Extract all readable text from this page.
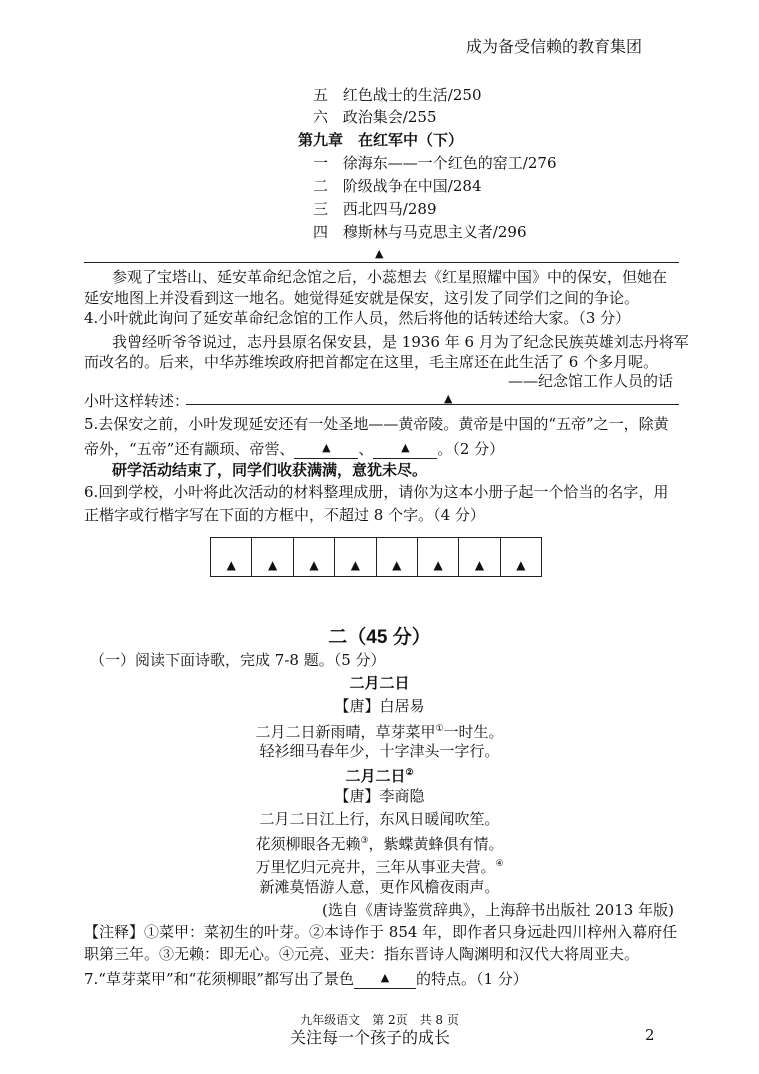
成为备受信赖的教育集团
五 红色战士的生活/250
六 政治集会/255
第九章　在红军中（下）
一 徐海东——一个红色的窑工/276
二 阶级战争在中国/284
三 西北四马/289
四 穆斯林与马克思主义者/296
▲
参观了宝塔山、延安革命纪念馆之后，小蕊想去《红星照耀中国》中的保安，但她在
延安地图上并没看到这一地名。她觉得延安就是保安，这引发了同学们之间的争论。
4.小叶就此询问了延安革命纪念馆的工作人员，然后将他的话转述给大家。（3 分）
我曾经听爷爷说过，志丹县原名保安县，是 1936 年 6 月为了纪念民族英雄刘志丹将军
而改名的。后来，中华苏维埃政府把首都定在这里，毛主席还在此生活了 6 个多月呢。
——纪念馆工作人员的话
小叶这样转述：	▲
5.去保安之前，小叶发现延安还有一处圣地——黄帝陵。黄帝是中国的“五帝”之一，除黄
帝外，“五帝”还有颛顼、帝喾、	▲ 、	▲ 。（2 分）
研学活动结束了，同学们收获满满，意犹未尽。
6.回到学校，小叶将此次活动的材料整理成册，请你为这本小册子起一个恰当的名字，用
正楷字或行楷字写在下面的方框中，不超过 8 个字。（4 分）
▲	▲	▲	▲	▲	▲	▲	▲
二（45 分）
（一）阅读下面诗歌，完成 7-8 题。（5 分）
二月二日
【唐】白居易
二月二日新雨晴，草芽菜甲①一时生。
轻衫细马春年少，十字津头一字行。
二月二日②
【唐】李商隐
二月二日江上行，东风日暖闻吹笙。
花须柳眼各无赖③，紫蝶黄蜂俱有情。
万里忆归元亮井，三年从事亚夫营。④
新滩莫悟游人意，更作风檐夜雨声。
(选自《唐诗鉴赏辞典》，上海辞书出版社 2013 年版)
【注释】①菜甲：菜初生的叶芽。②本诗作于 854 年，即作者只身远赴四川梓州入幕府任
职第三年。③无赖：即无心。④元亮、亚夫：指东晋诗人陶渊明和汉代大将周亚夫。
7.“草芽菜甲”和“花须柳眼”都写出了景色 ▲ 的特点。（1 分）
九年级语文　第 2页　共 8 页
关注每一个孩子的成长	2
